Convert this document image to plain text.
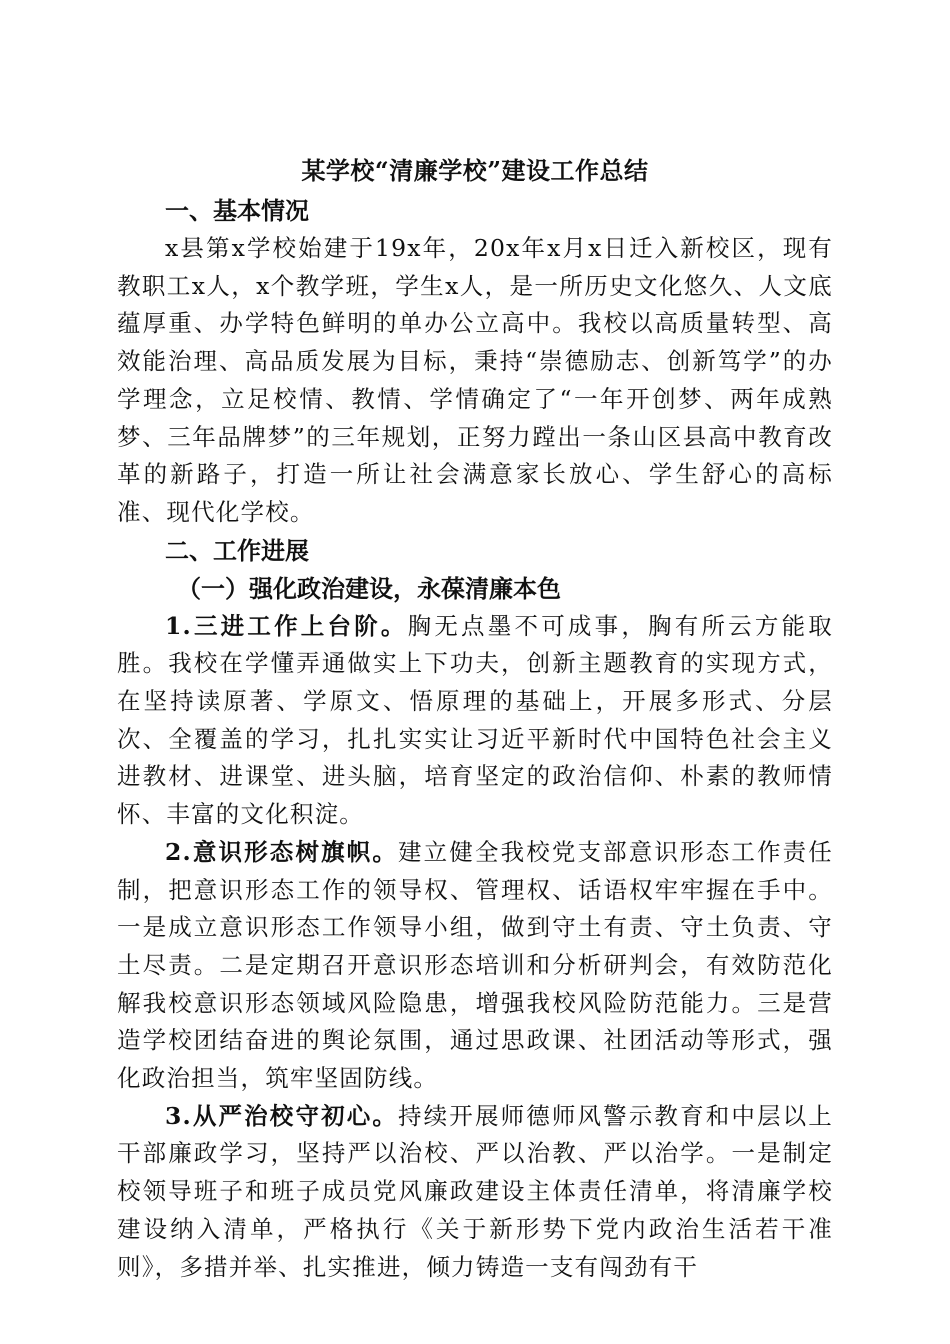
某学校“清廉学校”建设工作总结

一、基本情况

x县第x学校始建于19x年，20x年x月x日迁入新校区，现有教职工x人，x个教学班，学生x人，是一所历史文化悠久、人文底蕴厚重、办学特色鲜明的单办公立高中。我校以高质量转型、高效能治理、高品质发展为目标，秉持“崇德励志、创新笃学”的办学理念，立足校情、教情、学情确定了“一年开创梦、两年成熟梦、三年品牌梦”的三年规划，正努力蹚出一条山区县高中教育改革的新路子，打造一所让社会满意家长放心、学生舒心的高标准、现代化学校。

二、工作进展

（一）强化政治建设，永葆清廉本色

1.三进工作上台阶。胸无点墨不可成事，胸有所云方能取胜。我校在学懂弄通做实上下功夫，创新主题教育的实现方式，在坚持读原著、学原文、悟原理的基础上，开展多形式、分层次、全覆盖的学习，扎扎实实让习近平新时代中国特色社会主义进教材、进课堂、进头脑，培育坚定的政治信仰、朴素的教师情怀、丰富的文化积淀。

2.意识形态树旗帜。建立健全我校党支部意识形态工作责任制，把意识形态工作的领导权、管理权、话语权牢牢握在手中。一是成立意识形态工作领导小组，做到守土有责、守土负责、守土尽责。二是定期召开意识形态培训和分析研判会，有效防范化解我校意识形态领域风险隐患，增强我校风险防范能力。三是营造学校团结奋进的舆论氛围，通过思政课、社团活动等形式，强化政治担当，筑牢坚固防线。

3.从严治校守初心。持续开展师德师风警示教育和中层以上干部廉政学习，坚持严以治校、严以治教、严以治学。一是制定校领导班子和班子成员党风廉政建设主体责任清单，将清廉学校建设纳入清单，严格执行《关于新形势下党内政治生活若干准则》，多措并举、扎实推进，倾力铸造一支有闯劲有干
